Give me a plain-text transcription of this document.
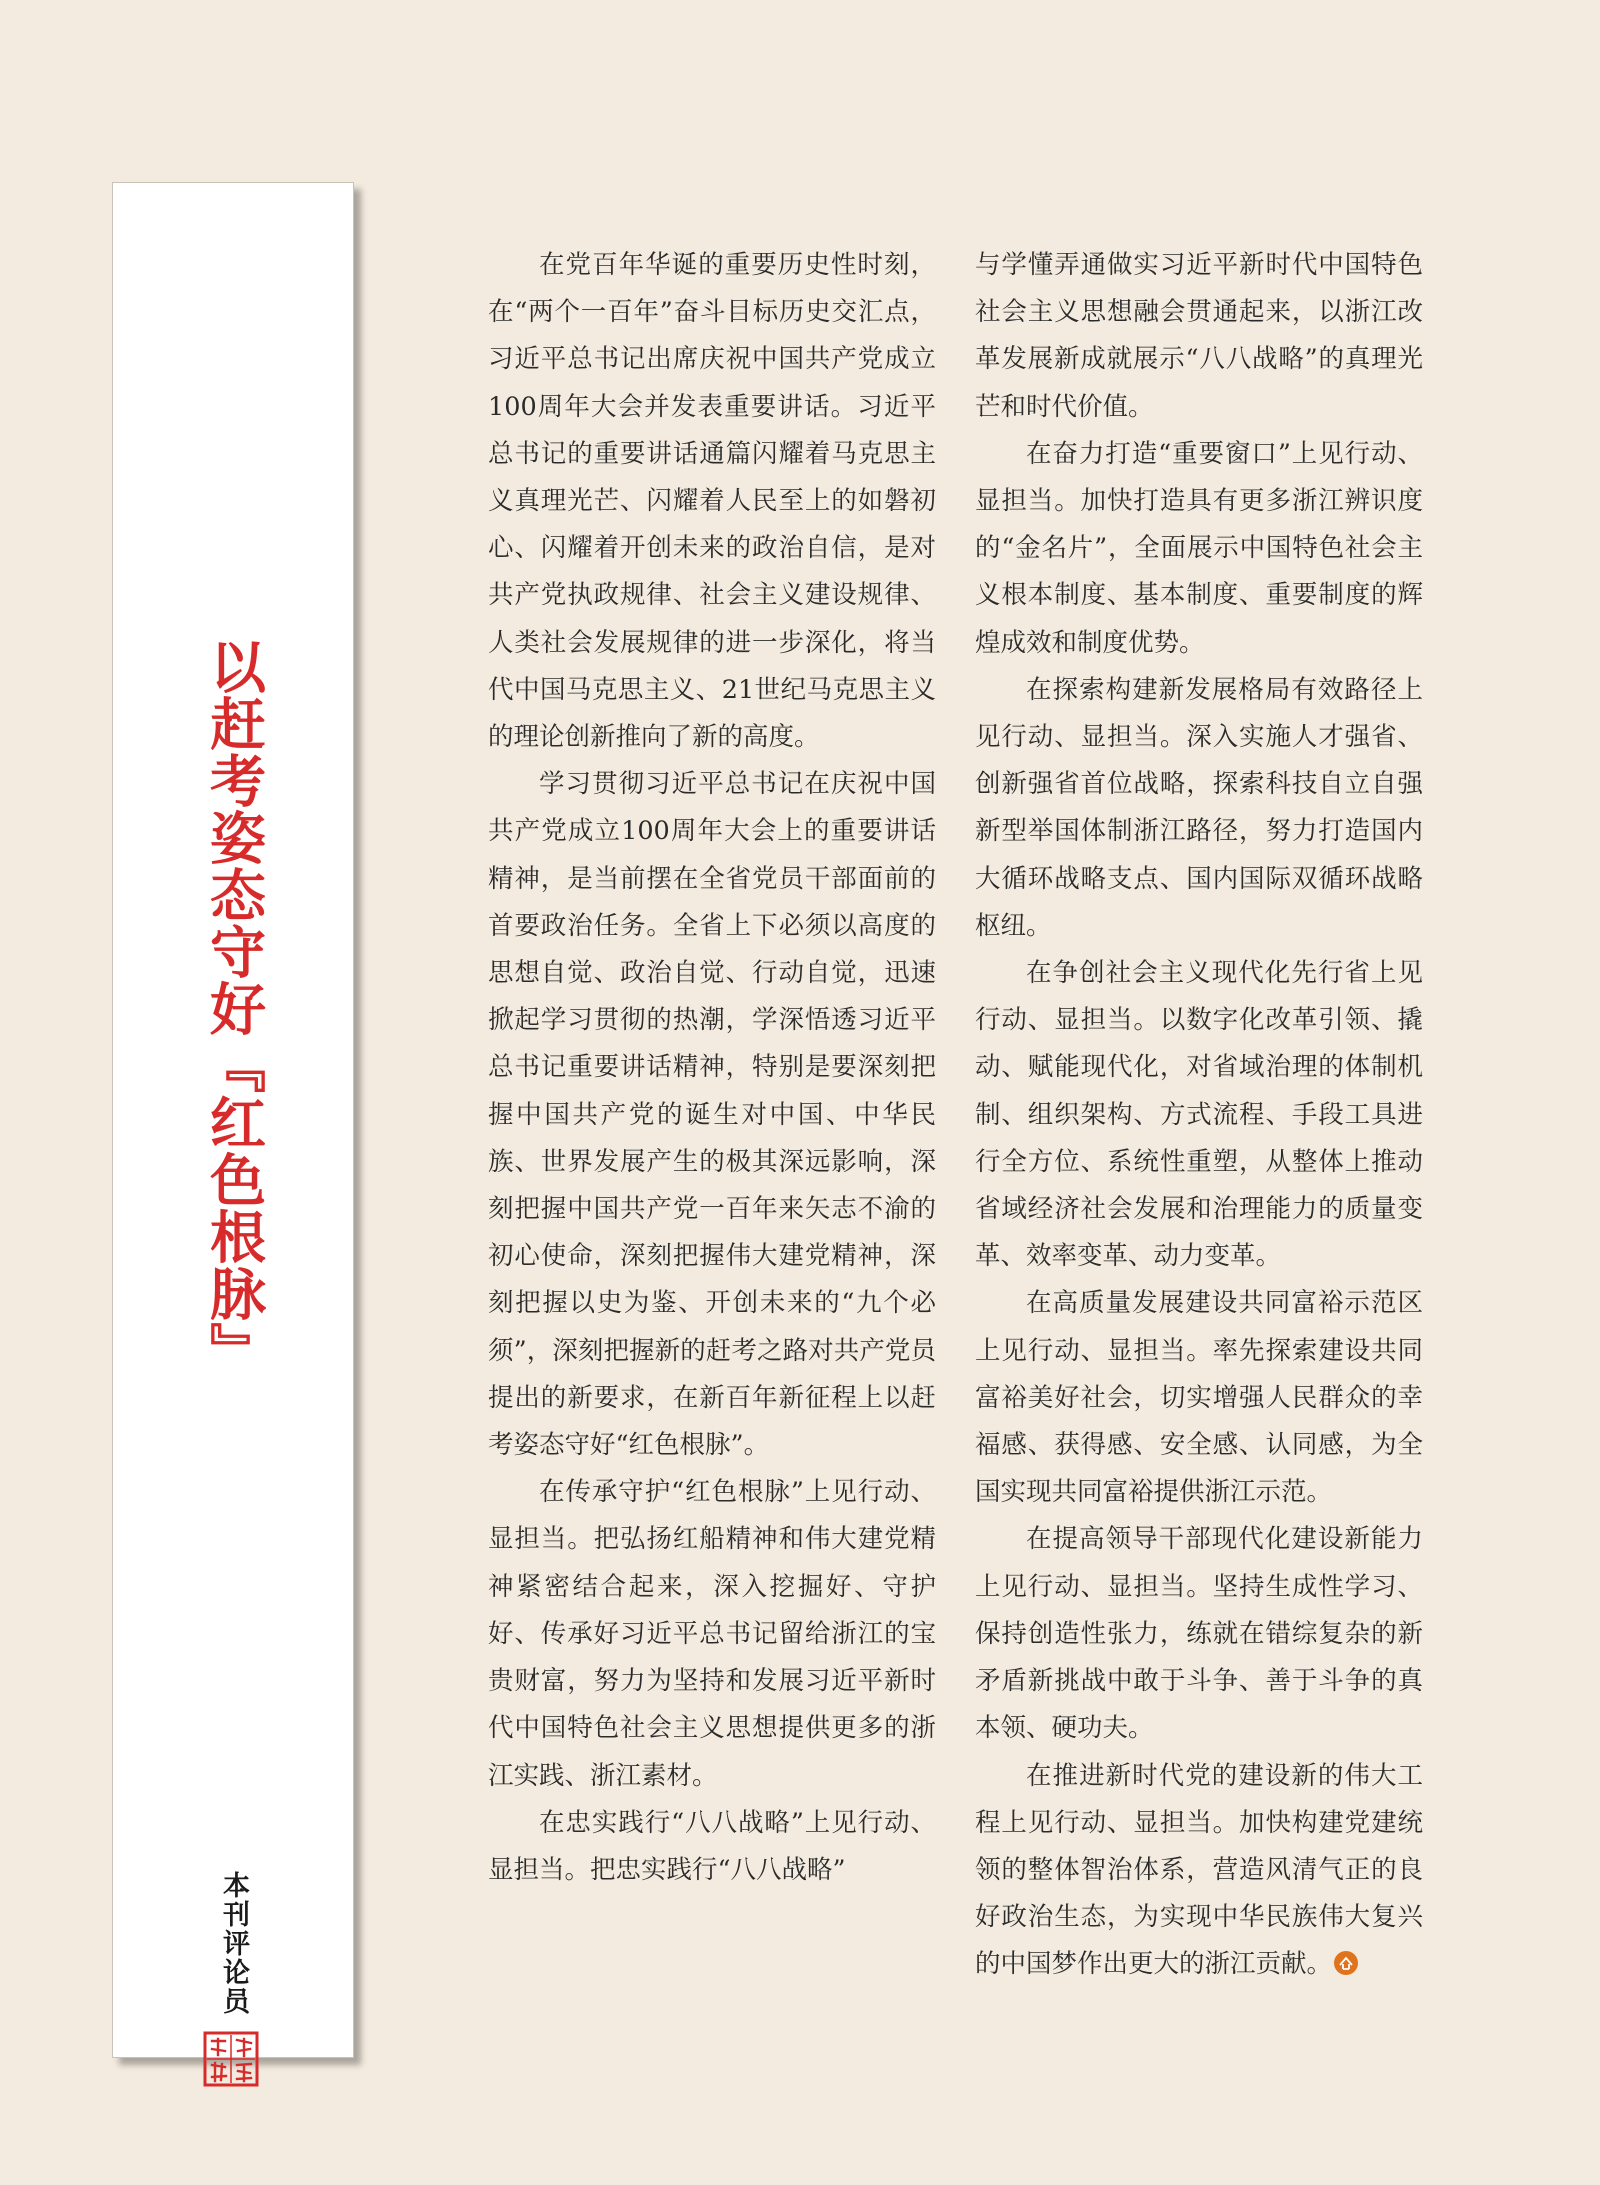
以赶考姿态守好『红色根脉』
本刊评论员

在党百年华诞的重要历史性时刻，在“两个一百年”奋斗目标历史交汇点，习近平总书记出席庆祝中国共产党成立100周年大会并发表重要讲话。习近平总书记的重要讲话通篇闪耀着马克思主义真理光芒、闪耀着人民至上的如磐初心、闪耀着开创未来的政治自信，是对共产党执政规律、社会主义建设规律、人类社会发展规律的进一步深化，将当代中国马克思主义、21世纪马克思主义的理论创新推向了新的高度。

学习贯彻习近平总书记在庆祝中国共产党成立100周年大会上的重要讲话精神，是当前摆在全省党员干部面前的首要政治任务。全省上下必须以高度的思想自觉、政治自觉、行动自觉，迅速掀起学习贯彻的热潮，学深悟透习近平总书记重要讲话精神，特别是要深刻把握中国共产党的诞生对中国、中华民族、世界发展产生的极其深远影响，深刻把握中国共产党一百年来矢志不渝的初心使命，深刻把握伟大建党精神，深刻把握以史为鉴、开创未来的“九个必须”，深刻把握新的赶考之路对共产党员提出的新要求，在新百年新征程上以赶考姿态守好“红色根脉”。

在传承守护“红色根脉”上见行动、显担当。把弘扬红船精神和伟大建党精神紧密结合起来，深入挖掘好、守护好、传承好习近平总书记留给浙江的宝贵财富，努力为坚持和发展习近平新时代中国特色社会主义思想提供更多的浙江实践、浙江素材。

在忠实践行“八八战略”上见行动、显担当。把忠实践行“八八战略”

与学懂弄通做实习近平新时代中国特色社会主义思想融会贯通起来，以浙江改革发展新成就展示“八八战略”的真理光芒和时代价值。

在奋力打造“重要窗口”上见行动、显担当。加快打造具有更多浙江辨识度的“金名片”，全面展示中国特色社会主义根本制度、基本制度、重要制度的辉煌成效和制度优势。

在探索构建新发展格局有效路径上见行动、显担当。深入实施人才强省、创新强省首位战略，探索科技自立自强新型举国体制浙江路径，努力打造国内大循环战略支点、国内国际双循环战略枢纽。

在争创社会主义现代化先行省上见行动、显担当。以数字化改革引领、撬动、赋能现代化，对省域治理的体制机制、组织架构、方式流程、手段工具进行全方位、系统性重塑，从整体上推动省域经济社会发展和治理能力的质量变革、效率变革、动力变革。

在高质量发展建设共同富裕示范区上见行动、显担当。率先探索建设共同富裕美好社会，切实增强人民群众的幸福感、获得感、安全感、认同感，为全国实现共同富裕提供浙江示范。

在提高领导干部现代化建设新能力上见行动、显担当。坚持生成性学习、保持创造性张力，练就在错综复杂的新矛盾新挑战中敢于斗争、善于斗争的真本领、硬功夫。

在推进新时代党的建设新的伟大工程上见行动、显担当。加快构建党建统领的整体智治体系，营造风清气正的良好政治生态，为实现中华民族伟大复兴的中国梦作出更大的浙江贡献。
